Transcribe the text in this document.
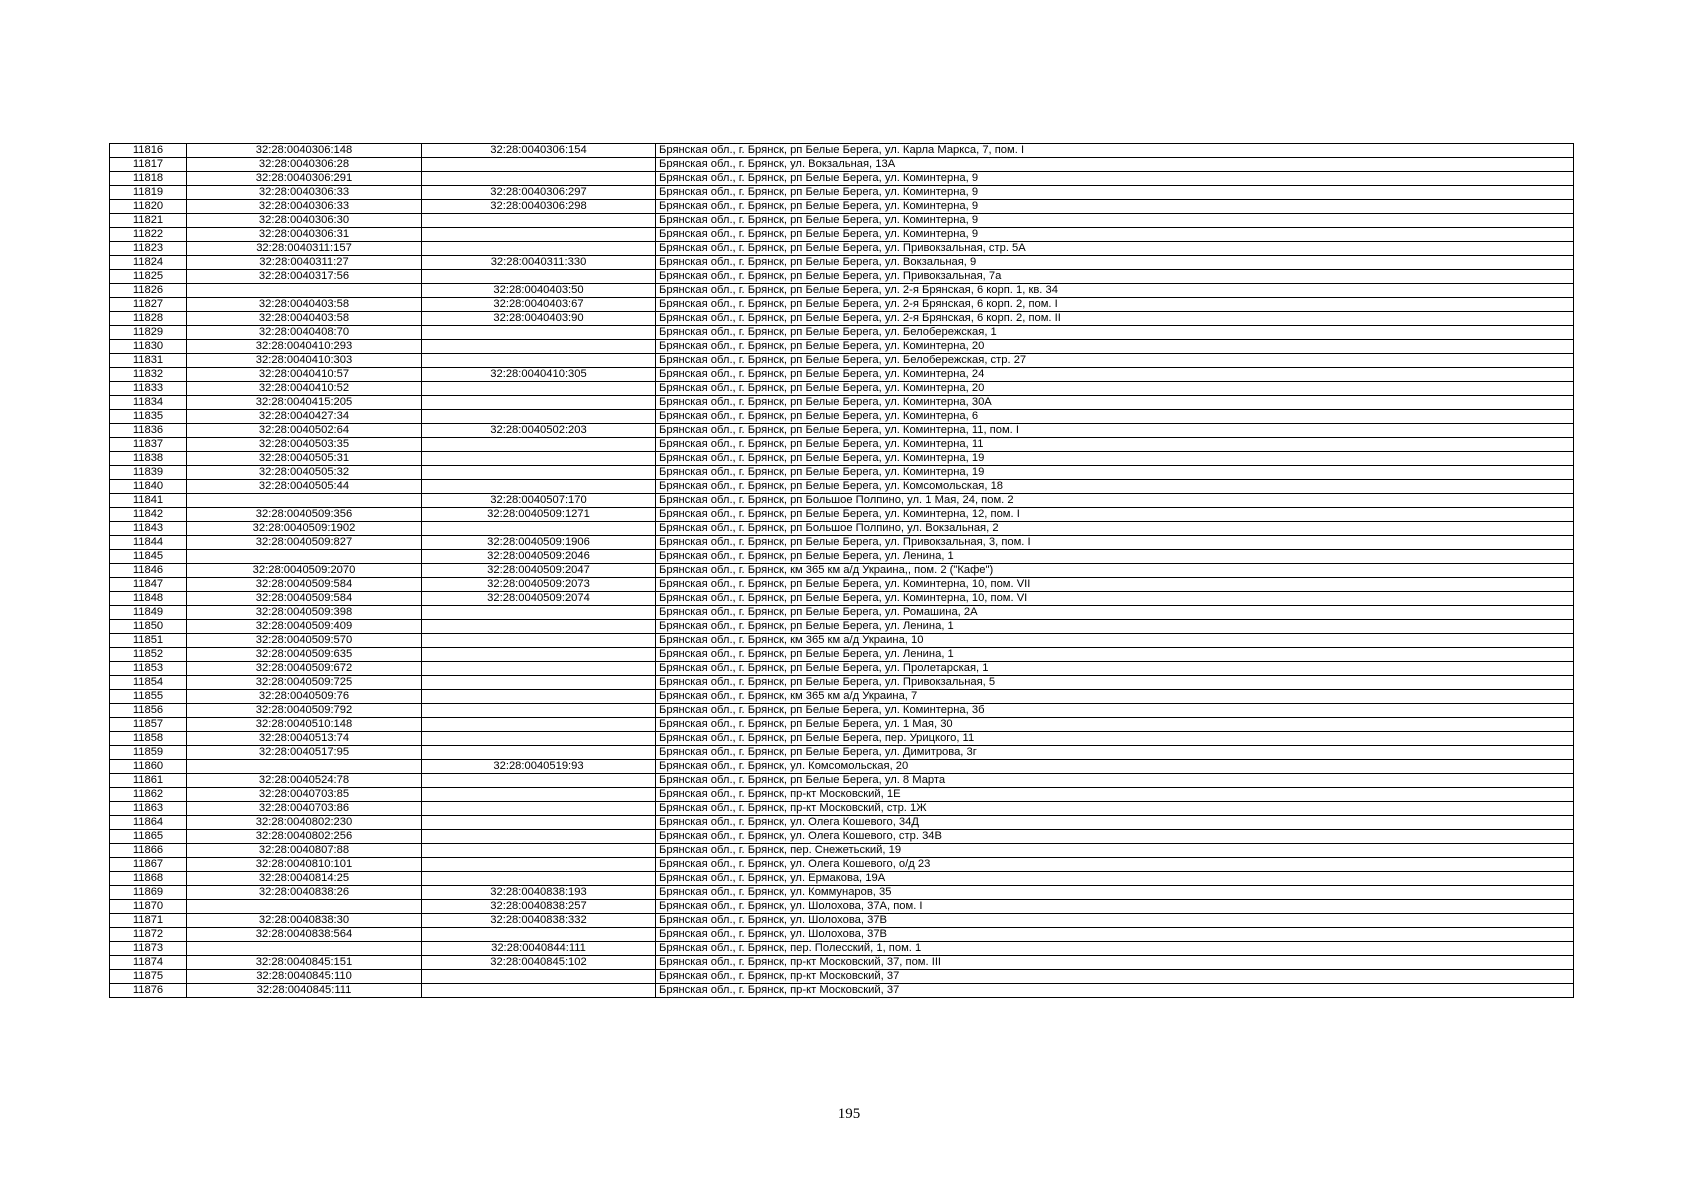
11816	32:28:0040306:148	32:28:0040306:154	Брянская обл., г. Брянск, рп Белые Берега, ул. Карла Маркса, 7, пом. I
11817	32:28:0040306:28		Брянская обл., г. Брянск, ул. Вокзальная, 13А
11818	32:28:0040306:291		Брянская обл., г. Брянск, рп Белые Берега, ул. Коминтерна, 9
11819	32:28:0040306:33	32:28:0040306:297	Брянская обл., г. Брянск, рп Белые Берега, ул. Коминтерна, 9
11820	32:28:0040306:33	32:28:0040306:298	Брянская обл., г. Брянск, рп Белые Берега, ул. Коминтерна, 9
11821	32:28:0040306:30		Брянская обл., г. Брянск, рп Белые Берега, ул. Коминтерна, 9
11822	32:28:0040306:31		Брянская обл., г. Брянск, рп Белые Берега, ул. Коминтерна, 9
11823	32:28:0040311:157		Брянская обл., г. Брянск, рп Белые Берега, ул. Привокзальная, стр. 5А
11824	32:28:0040311:27	32:28:0040311:330	Брянская обл., г. Брянск, рп Белые Берега, ул. Вокзальная, 9
11825	32:28:0040317:56		Брянская обл., г. Брянск, рп Белые Берега, ул. Привокзальная, 7а
11826		32:28:0040403:50	Брянская обл., г. Брянск, рп Белые Берега, ул. 2-я Брянская, 6 корп. 1, кв. 34
11827	32:28:0040403:58	32:28:0040403:67	Брянская обл., г. Брянск, рп Белые Берега, ул. 2-я Брянская, 6 корп. 2, пом. I
11828	32:28:0040403:58	32:28:0040403:90	Брянская обл., г. Брянск, рп Белые Берега, ул. 2-я Брянская, 6 корп. 2, пом. II
11829	32:28:0040408:70		Брянская обл., г. Брянск, рп Белые Берега, ул. Белобережская, 1
11830	32:28:0040410:293		Брянская обл., г. Брянск, рп Белые Берега, ул. Коминтерна, 20
11831	32:28:0040410:303		Брянская обл., г. Брянск, рп Белые Берега, ул. Белобережская, стр. 27
11832	32:28:0040410:57	32:28:0040410:305	Брянская обл., г. Брянск, рп Белые Берега, ул. Коминтерна, 24
11833	32:28:0040410:52		Брянская обл., г. Брянск, рп Белые Берега, ул. Коминтерна, 20
11834	32:28:0040415:205		Брянская обл., г. Брянск, рп Белые Берега, ул. Коминтерна, 30А
11835	32:28:0040427:34		Брянская обл., г. Брянск, рп Белые Берега, ул. Коминтерна, 6
11836	32:28:0040502:64	32:28:0040502:203	Брянская обл., г. Брянск, рп Белые Берега, ул. Коминтерна, 11, пом. I
11837	32:28:0040503:35		Брянская обл., г. Брянск, рп Белые Берега, ул. Коминтерна, 11
11838	32:28:0040505:31		Брянская обл., г. Брянск, рп Белые Берега, ул. Коминтерна, 19
11839	32:28:0040505:32		Брянская обл., г. Брянск, рп Белые Берега, ул. Коминтерна, 19
11840	32:28:0040505:44		Брянская обл., г. Брянск, рп Белые Берега, ул. Комсомольская, 18
11841		32:28:0040507:170	Брянская обл., г. Брянск, рп Большое Полпино, ул. 1 Мая, 24, пом. 2
11842	32:28:0040509:356	32:28:0040509:1271	Брянская обл., г. Брянск, рп Белые Берега, ул. Коминтерна, 12, пом. I
11843	32:28:0040509:1902		Брянская обл., г. Брянск, рп Большое Полпино, ул. Вокзальная, 2
11844	32:28:0040509:827	32:28:0040509:1906	Брянская обл., г. Брянск, рп Белые Берега, ул. Привокзальная, 3, пом. I
11845		32:28:0040509:2046	Брянская обл., г. Брянск, рп Белые Берега, ул. Ленина, 1
11846	32:28:0040509:2070	32:28:0040509:2047	Брянская обл., г. Брянск, км 365 км а/д Украина,, пом. 2 ("Кафе")
11847	32:28:0040509:584	32:28:0040509:2073	Брянская обл., г. Брянск, рп Белые Берега, ул. Коминтерна, 10, пом. VII
11848	32:28:0040509:584	32:28:0040509:2074	Брянская обл., г. Брянск, рп Белые Берега, ул. Коминтерна, 10, пом. VI
11849	32:28:0040509:398		Брянская обл., г. Брянск, рп Белые Берега, ул. Ромашина, 2А
11850	32:28:0040509:409		Брянская обл., г. Брянск, рп Белые Берега, ул. Ленина, 1
11851	32:28:0040509:570		Брянская обл., г. Брянск, км 365 км а/д Украина, 10
11852	32:28:0040509:635		Брянская обл., г. Брянск, рп Белые Берега, ул. Ленина, 1
11853	32:28:0040509:672		Брянская обл., г. Брянск, рп Белые Берега, ул. Пролетарская, 1
11854	32:28:0040509:725		Брянская обл., г. Брянск, рп Белые Берега, ул. Привокзальная, 5
11855	32:28:0040509:76		Брянская обл., г. Брянск, км 365 км а/д Украина, 7
11856	32:28:0040509:792		Брянская обл., г. Брянск, рп Белые Берега, ул. Коминтерна, 3б
11857	32:28:0040510:148		Брянская обл., г. Брянск, рп Белые Берега, ул. 1 Мая, 30
11858	32:28:0040513:74		Брянская обл., г. Брянск, рп Белые Берега, пер. Урицкого, 11
11859	32:28:0040517:95		Брянская обл., г. Брянск, рп Белые Берега, ул. Димитрова, 3г
11860		32:28:0040519:93	Брянская обл., г. Брянск, ул. Комсомольская, 20
11861	32:28:0040524:78		Брянская обл., г. Брянск, рп Белые Берега, ул. 8 Марта
11862	32:28:0040703:85		Брянская обл., г. Брянск, пр-кт Московский, 1Е
11863	32:28:0040703:86		Брянская обл., г. Брянск, пр-кт Московский, стр. 1Ж
11864	32:28:0040802:230		Брянская обл., г. Брянск, ул. Олега Кошевого, 34Д
11865	32:28:0040802:256		Брянская обл., г. Брянск, ул. Олега Кошевого, стр. 34В
11866	32:28:0040807:88		Брянская обл., г. Брянск, пер. Снежетьский, 19
11867	32:28:0040810:101		Брянская обл., г. Брянск, ул. Олега Кошевого, о/д 23
11868	32:28:0040814:25		Брянская обл., г. Брянск, ул. Ермакова, 19А
11869	32:28:0040838:26	32:28:0040838:193	Брянская обл., г. Брянск, ул. Коммунаров, 35
11870		32:28:0040838:257	Брянская обл., г. Брянск, ул. Шолохова, 37А, пом. I
11871	32:28:0040838:30	32:28:0040838:332	Брянская обл., г. Брянск, ул. Шолохова, 37В
11872	32:28:0040838:564		Брянская обл., г. Брянск, ул. Шолохова, 37В
11873		32:28:0040844:111	Брянская обл., г. Брянск, пер. Полесский, 1, пом. 1
11874	32:28:0040845:151	32:28:0040845:102	Брянская обл., г. Брянск, пр-кт Московский, 37, пом. III
11875	32:28:0040845:110		Брянская обл., г. Брянск, пр-кт Московский, 37
11876	32:28:0040845:111		Брянская обл., г. Брянск, пр-кт Московский, 37
195
